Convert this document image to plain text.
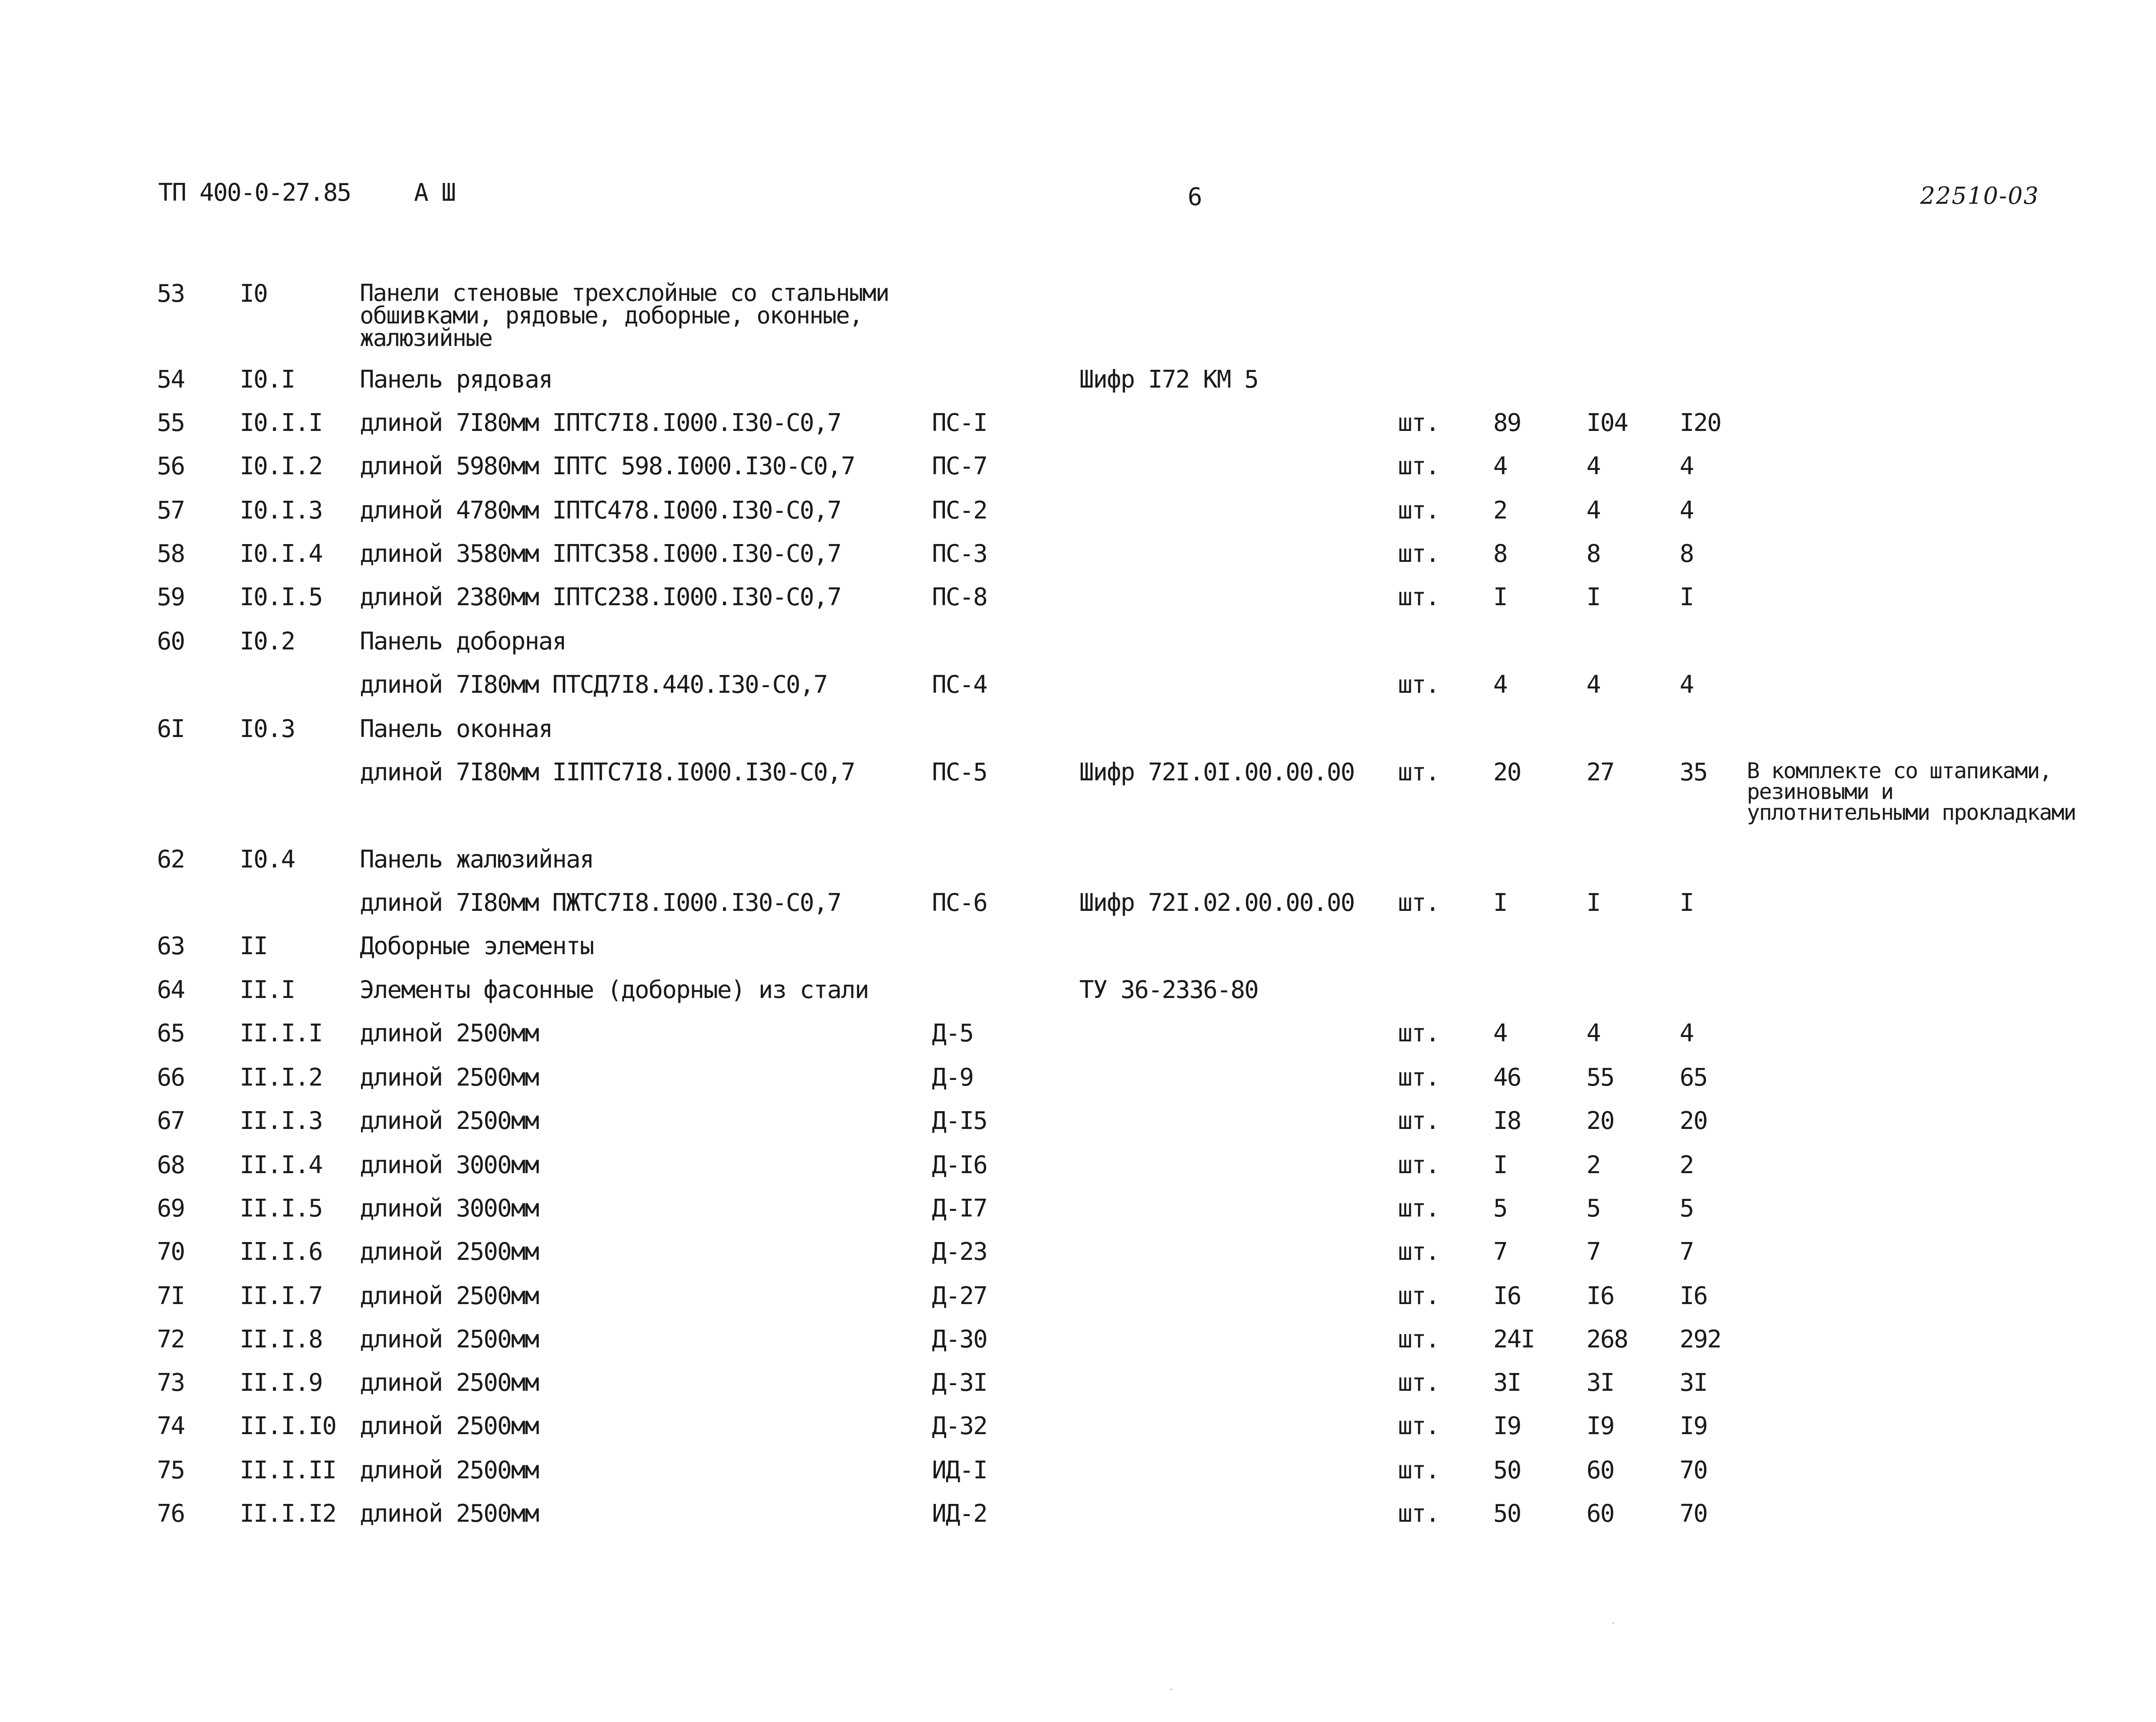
ТП 400-0-27.85	А Ш	6	22510-03
53 I0	Панели стеновые трехслойные со стальными обшивками, рядовые, доборные, оконные, жалюзийные
54 I0.I	Панель рядовая	Шифр I72 КМ 5
55 I0.I.I длиной 7I80мм IПТС7I8.I000.I30-С0,7	ПС-I	шт. 89	I04 I20
56 I0.I.2 длиной 5980мм IПТС 598.I000.I30-С0,7	ПС-7	шт. 4	4	4
57 I0.I.3 длиной 4780мм IПТС478.I000.I30-С0,7	ПС-2	шт. 2	4	4
58 I0.I.4 длиной 3580мм IПТС358.I000.I30-С0,7	ПС-3	шт. 8	8	8
59 I0.I.5 длиной 2380мм IПТС238.I000.I30-С0,7	ПС-8	шт. I	I	I
60 I0.2	Панель доборная
длиной 7I80мм ПТСД7I8.440.I30-С0,7	ПС-4	шт. 4	4	4
6I I0.3	Панель оконная
длиной 7I80мм IIПТС7I8.I000.I30-С0,7	ПС-5	Шифр 72I.0I.00.00.00 шт. 20	27	35 В комплекте со штапиками, резиновыми и уплотнительными прокладками
62 I0.4	Панель жалюзийная
длиной 7I80мм ПЖТС7I8.I000.I30-С0,7	ПС-6	Шифр 72I.02.00.00.00 шт. I	I	I
63 II	Доборные элементы
64 II.I	Элементы фасонные (доборные) из стали	ТУ 36-2336-80
65 II.I.I длиной 2500мм	Д-5	шт. 4	4	4
66 II.I.2 длиной 2500мм	Д-9	шт. 46	55	65
67 II.I.3 длиной 2500мм	Д-I5	шт. I8	20	20
68 II.I.4 длиной 3000мм	Д-I6	шт. I	2	2
69 II.I.5 длиной 3000мм	Д-I7	шт. 5	5	5
70 II.I.6 длиной 2500мм	Д-23	шт. 7	7	7
7I II.I.7 длиной 2500мм	Д-27	шт. I6	I6	I6
72 II.I.8 длиной 2500мм	Д-30	шт. 24I 268 292
73 II.I.9 длиной 2500мм	Д-3I	шт. 3I	3I	3I
74 II.I.I0 длиной 2500мм	Д-32	шт. I9	I9	I9
75 II.I.II длиной 2500мм	ИД-I	шт. 50	60	70
76 II.I.I2 длиной 2500мм	ИД-2	шт. 50	60	70
